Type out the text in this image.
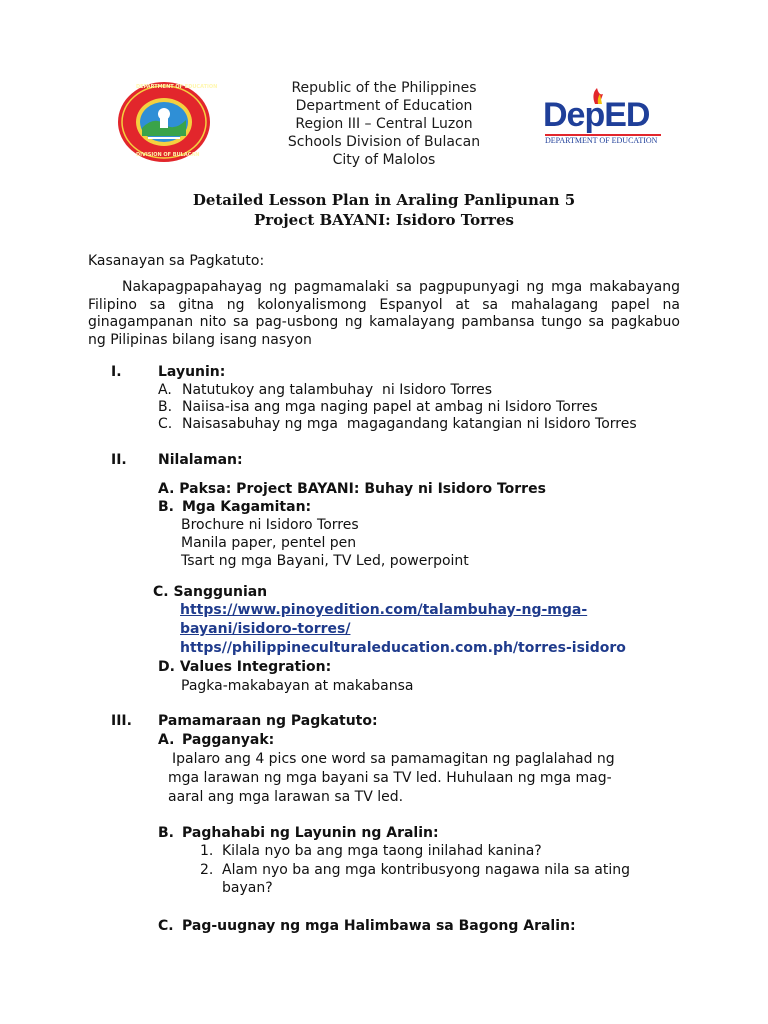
DEPARTMENT OF EDUCATION
DIVISION OF BULACAN
Republic of the Philippines
Department of Education
Region III – Central Luzon
Schools Division of Bulacan
City of Malolos
DepED
DEPARTMENT OF EDUCATION
Detailed Lesson Plan in Araling Panlipunan 5
Project BAYANI: Isidoro Torres
Kasanayan sa Pagkatuto:
Nakapagpapahayag ng pagmamalaki sa pagpupunyagi ng mga makabayang Filipino sa gitna ng kolonyalismong Espanyol at sa mahalagang papel na ginagampanan nito sa pag-usbong ng kamalayang pambansa tungo sa pagkabuo ng Pilipinas bilang isang nasyon
I.	Layunin:
A. Natutukoy ang talambuhay  ni Isidoro Torres
B. Naiisa-isa ang mga naging papel at ambag ni Isidoro Torres
C. Naisasabuhay ng mga  magagandang katangian ni Isidoro Torres
II. Nilalaman:
A. Paksa: Project BAYANI: Buhay ni Isidoro Torres
B. Mga Kagamitan:
Brochure ni Isidoro Torres
Manila paper, pentel pen
Tsart ng mga Bayani, TV Led, powerpoint
C. Sanggunian
https://www.pinoyedition.com/talambuhay-ng-mga-
bayani/isidoro-torres/
https//philippineculturaleducation.com.ph/torres-isidoro
D. Values Integration:
Pagka-makabayan at makabansa
III. Pamamaraan ng Pagkatuto:
A. Pagganyak:
Ipalaro ang 4 pics one word sa pamamagitan ng paglalahad ng
mga larawan ng mga bayani sa TV led. Huhulaan ng mga mag-
aaral ang mga larawan sa TV led.
B. Paghahabi ng Layunin ng Aralin:
1. Kilala nyo ba ang mga taong inilahad kanina?
2. Alam nyo ba ang mga kontribusyong nagawa nila sa ating
bayan?
C. Pag-uugnay ng mga Halimbawa sa Bagong Aralin:
